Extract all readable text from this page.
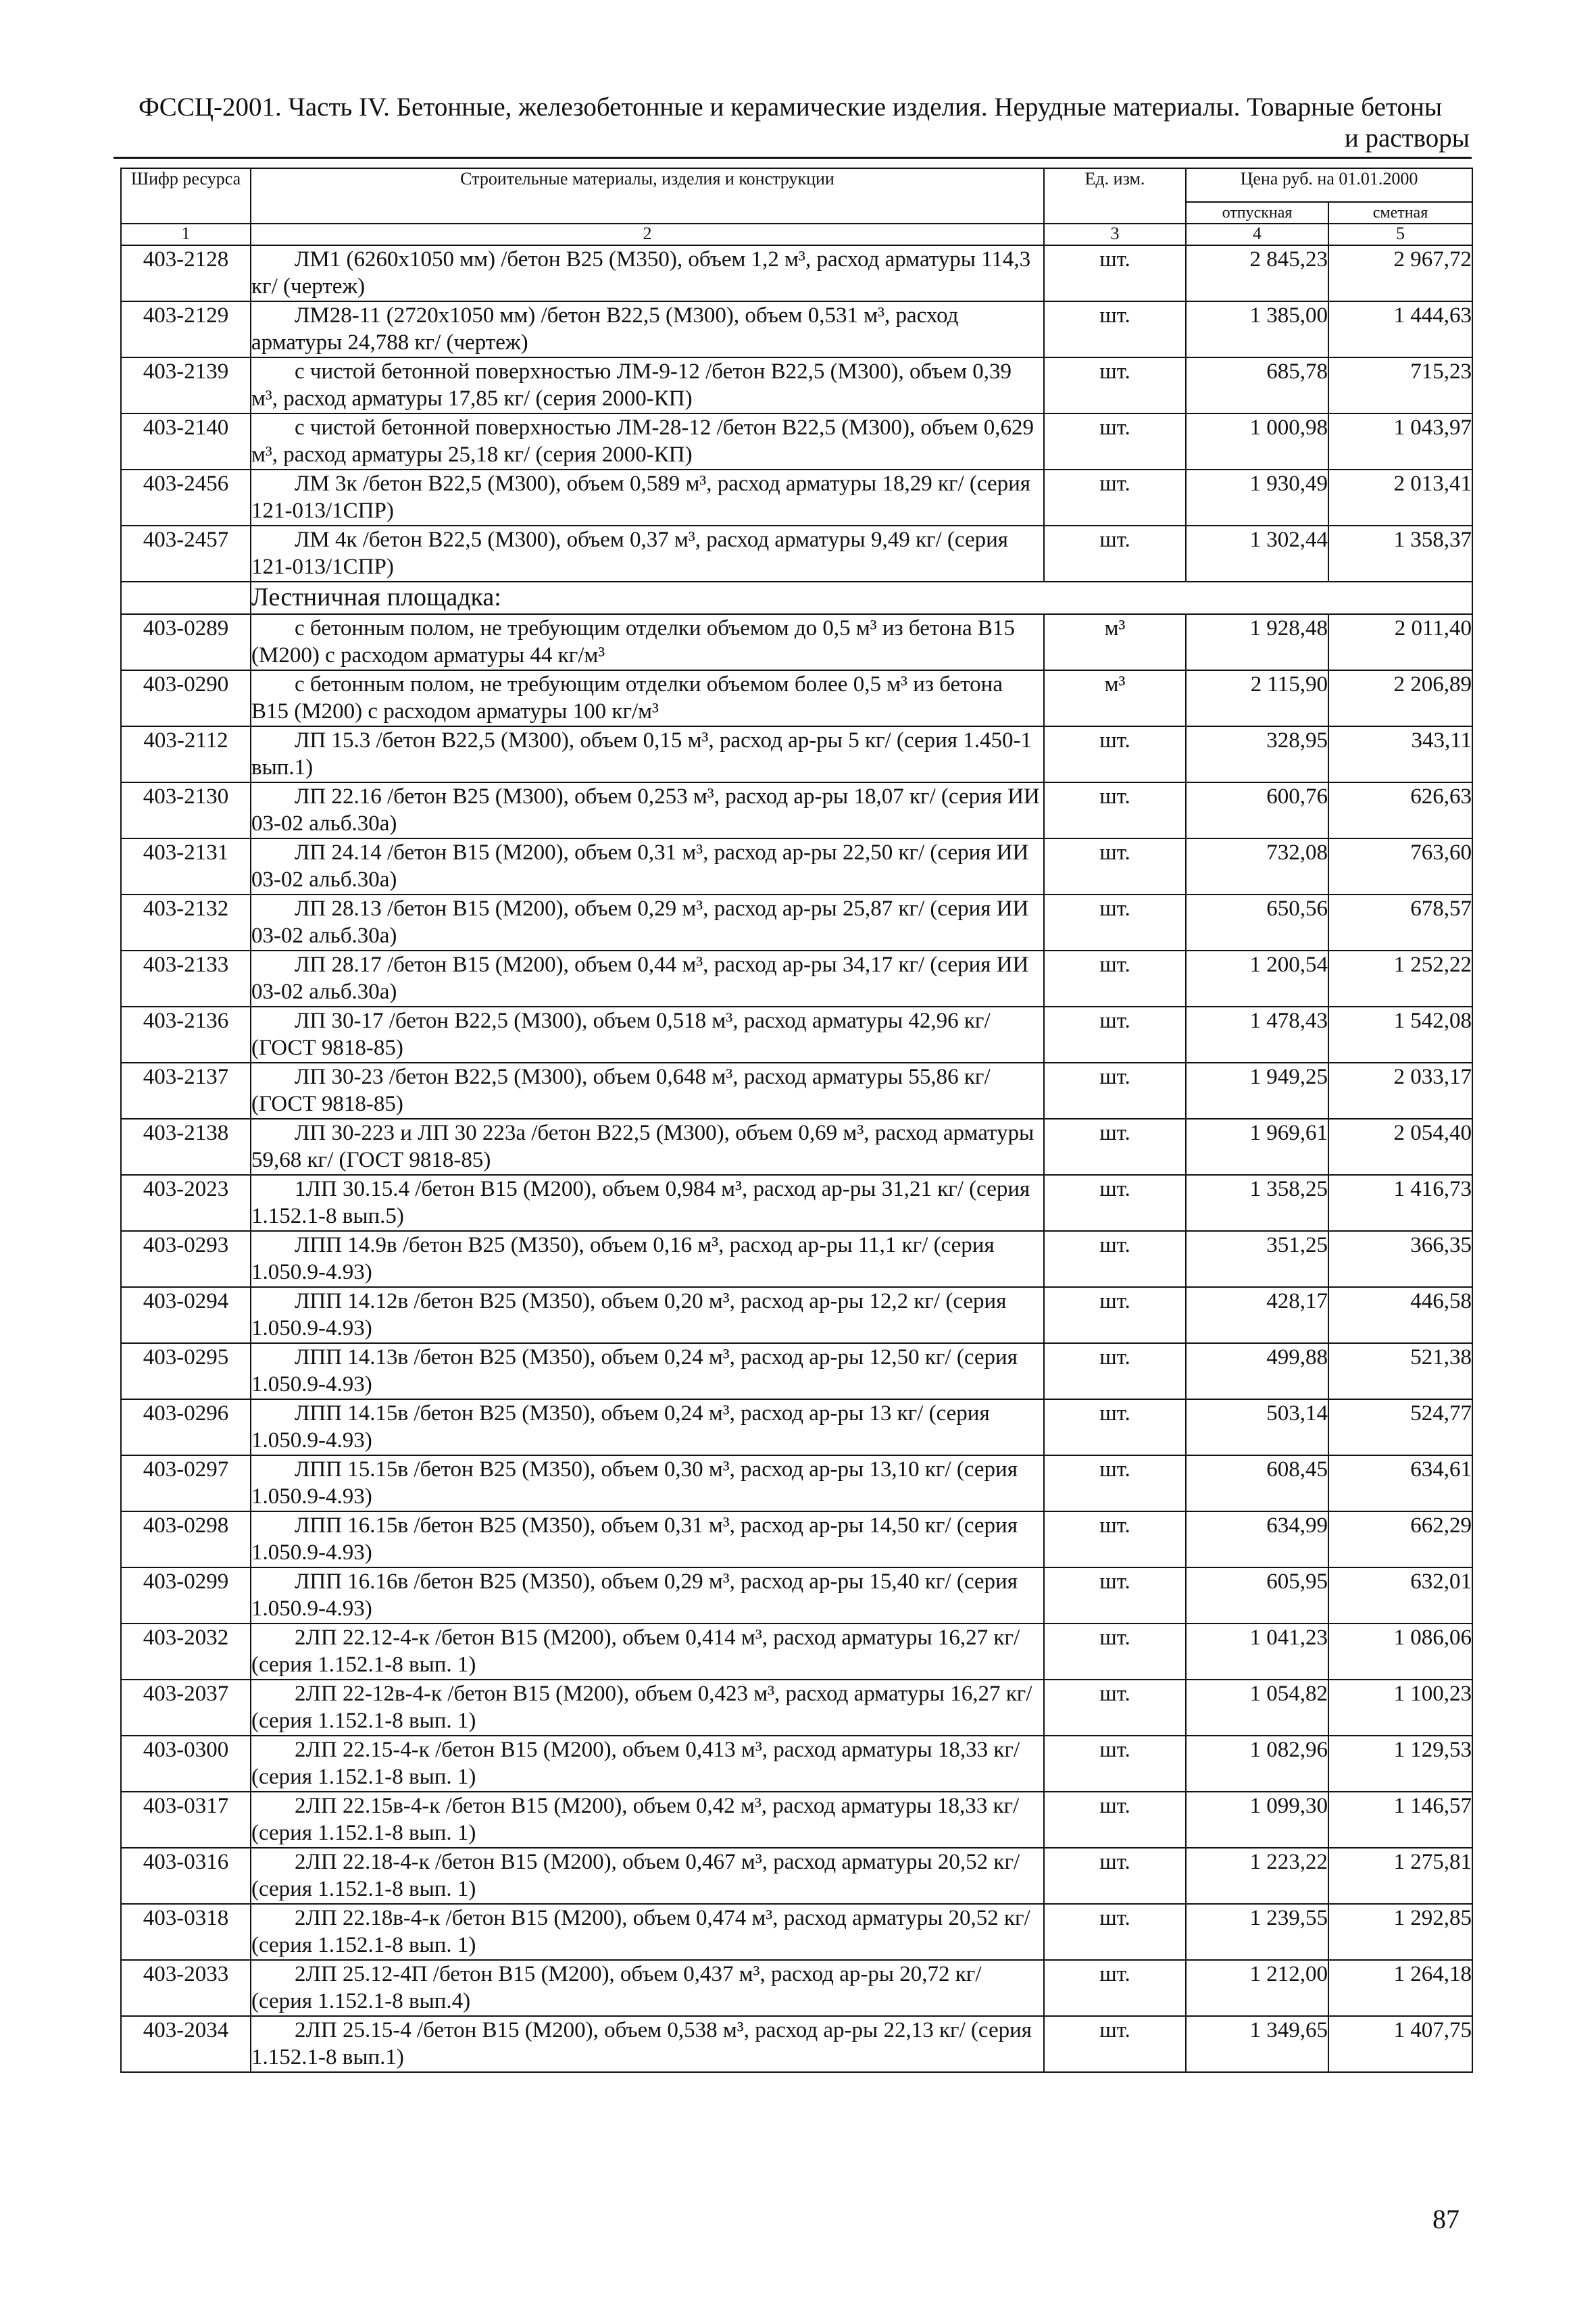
ФССЦ-2001. Часть IV. Бетонные, железобетонные и керамические изделия. Нерудные материалы. Товарные бетоны
и растворы
Шифр ресурса	Строительные материалы, изделия и конструкции	Ед. изм.	Цена руб. на 01.01.2000	
			отпускная	сметная
1	2	3	4	5
403-2128	ЛМ1 (6260х1050 мм) /бетон В25 (М350), объем 1,2 м³, расход арматуры 114,3 кг/ (чертеж)	шт.	2 845,23	2 967,72
403-2129	ЛМ28-11 (2720х1050 мм) /бетон В22,5 (М300), объем 0,531 м³, расход арматуры 24,788 кг/ (чертеж)	шт.	1 385,00	1 444,63
403-2139	с чистой бетонной поверхностью ЛМ-9-12 /бетон В22,5 (М300), объем 0,39 м³, расход арматуры 17,85 кг/ (серия 2000-КП)	шт.	685,78	715,23
403-2140	с чистой бетонной поверхностью ЛМ-28-12 /бетон В22,5 (М300), объем 0,629 м³, расход арматуры 25,18 кг/ (серия 2000-КП)	шт.	1 000,98	1 043,97
403-2456	ЛМ 3к /бетон В22,5 (М300), объем 0,589 м³, расход арматуры 18,29 кг/ (серия 121-013/1СПР)	шт.	1 930,49	2 013,41
403-2457	ЛМ 4к /бетон В22,5 (М300), объем 0,37 м³, расход арматуры 9,49 кг/ (серия 121-013/1СПР)	шт.	1 302,44	1 358,37
	Лестничная площадка:			
403-0289	с бетонным полом, не требующим отделки объемом до 0,5 м³ из бетона В15 (М200) с расходом арматуры 44 кг/м³	м³	1 928,48	2 011,40
403-0290	с бетонным полом, не требующим отделки объемом более 0,5 м³ из бетона В15 (М200) с расходом арматуры 100 кг/м³	м³	2 115,90	2 206,89
403-2112	ЛП 15.3 /бетон В22,5 (М300), объем 0,15 м³, расход ар-ры 5 кг/ (серия 1.450-1 вып.1)	шт.	328,95	343,11
403-2130	ЛП 22.16 /бетон В25 (М300), объем 0,253 м³, расход ар-ры 18,07 кг/ (серия ИИ 03-02 альб.30а)	шт.	600,76	626,63
403-2131	ЛП 24.14 /бетон В15 (М200), объем 0,31 м³, расход ар-ры 22,50 кг/ (серия ИИ 03-02 альб.30а)	шт.	732,08	763,60
403-2132	ЛП 28.13 /бетон В15 (М200), объем 0,29 м³, расход ар-ры 25,87 кг/ (серия ИИ 03-02 альб.30а)	шт.	650,56	678,57
403-2133	ЛП 28.17 /бетон В15 (М200), объем 0,44 м³, расход ар-ры 34,17 кг/ (серия ИИ 03-02 альб.30а)	шт.	1 200,54	1 252,22
403-2136	ЛП 30-17 /бетон В22,5 (М300), объем 0,518 м³, расход арматуры 42,96 кг/ (ГОСТ 9818-85)	шт.	1 478,43	1 542,08
403-2137	ЛП 30-23 /бетон В22,5 (М300), объем 0,648 м³, расход арматуры 55,86 кг/ (ГОСТ 9818-85)	шт.	1 949,25	2 033,17
403-2138	ЛП 30-223 и ЛП 30 223а /бетон В22,5 (М300), объем 0,69 м³, расход арматуры 59,68 кг/ (ГОСТ 9818-85)	шт.	1 969,61	2 054,40
403-2023	1ЛП 30.15.4 /бетон В15 (М200), объем 0,984 м³, расход ар-ры 31,21 кг/ (серия 1.152.1-8 вып.5)	шт.	1 358,25	1 416,73
403-0293	ЛПП 14.9в /бетон В25 (М350), объем 0,16 м³, расход ар-ры 11,1 кг/ (серия 1.050.9-4.93)	шт.	351,25	366,35
403-0294	ЛПП 14.12в /бетон В25 (М350), объем 0,20 м³, расход ар-ры 12,2 кг/ (серия 1.050.9-4.93)	шт.	428,17	446,58
403-0295	ЛПП 14.13в /бетон В25 (М350), объем 0,24 м³, расход ар-ры 12,50 кг/ (серия 1.050.9-4.93)	шт.	499,88	521,38
403-0296	ЛПП 14.15в /бетон В25 (М350), объем 0,24 м³, расход ар-ры 13 кг/ (серия 1.050.9-4.93)	шт.	503,14	524,77
403-0297	ЛПП 15.15в /бетон В25 (М350), объем 0,30 м³, расход ар-ры 13,10 кг/ (серия 1.050.9-4.93)	шт.	608,45	634,61
403-0298	ЛПП 16.15в /бетон В25 (М350), объем 0,31 м³, расход ар-ры 14,50 кг/ (серия 1.050.9-4.93)	шт.	634,99	662,29
403-0299	ЛПП 16.16в /бетон В25 (М350), объем 0,29 м³, расход ар-ры 15,40 кг/ (серия 1.050.9-4.93)	шт.	605,95	632,01
403-2032	2ЛП 22.12-4-к /бетон В15 (М200), объем 0,414 м³, расход арматуры 16,27 кг/ (серия 1.152.1-8 вып. 1)	шт.	1 041,23	1 086,06
403-2037	2ЛП 22-12в-4-к /бетон В15 (М200), объем 0,423 м³, расход арматуры 16,27 кг/ (серия 1.152.1-8 вып. 1)	шт.	1 054,82	1 100,23
403-0300	2ЛП 22.15-4-к /бетон В15 (М200), объем 0,413 м³, расход арматуры 18,33 кг/ (серия 1.152.1-8 вып. 1)	шт.	1 082,96	1 129,53
403-0317	2ЛП 22.15в-4-к /бетон В15 (М200), объем 0,42 м³, расход арматуры 18,33 кг/ (серия 1.152.1-8 вып. 1)	шт.	1 099,30	1 146,57
403-0316	2ЛП 22.18-4-к /бетон В15 (М200), объем 0,467 м³, расход арматуры 20,52 кг/ (серия 1.152.1-8 вып. 1)	шт.	1 223,22	1 275,81
403-0318	2ЛП 22.18в-4-к /бетон В15 (М200), объем 0,474 м³, расход арматуры 20,52 кг/ (серия 1.152.1-8 вып. 1)	шт.	1 239,55	1 292,85
403-2033	2ЛП 25.12-4П /бетон В15 (М200), объем 0,437 м³, расход ар-ры 20,72 кг/ (серия 1.152.1-8 вып.4)	шт.	1 212,00	1 264,18
403-2034	2ЛП 25.15-4 /бетон В15 (М200), объем 0,538 м³, расход ар-ры 22,13 кг/ (серия 1.152.1-8 вып.1)	шт.	1 349,65	1 407,75
87
